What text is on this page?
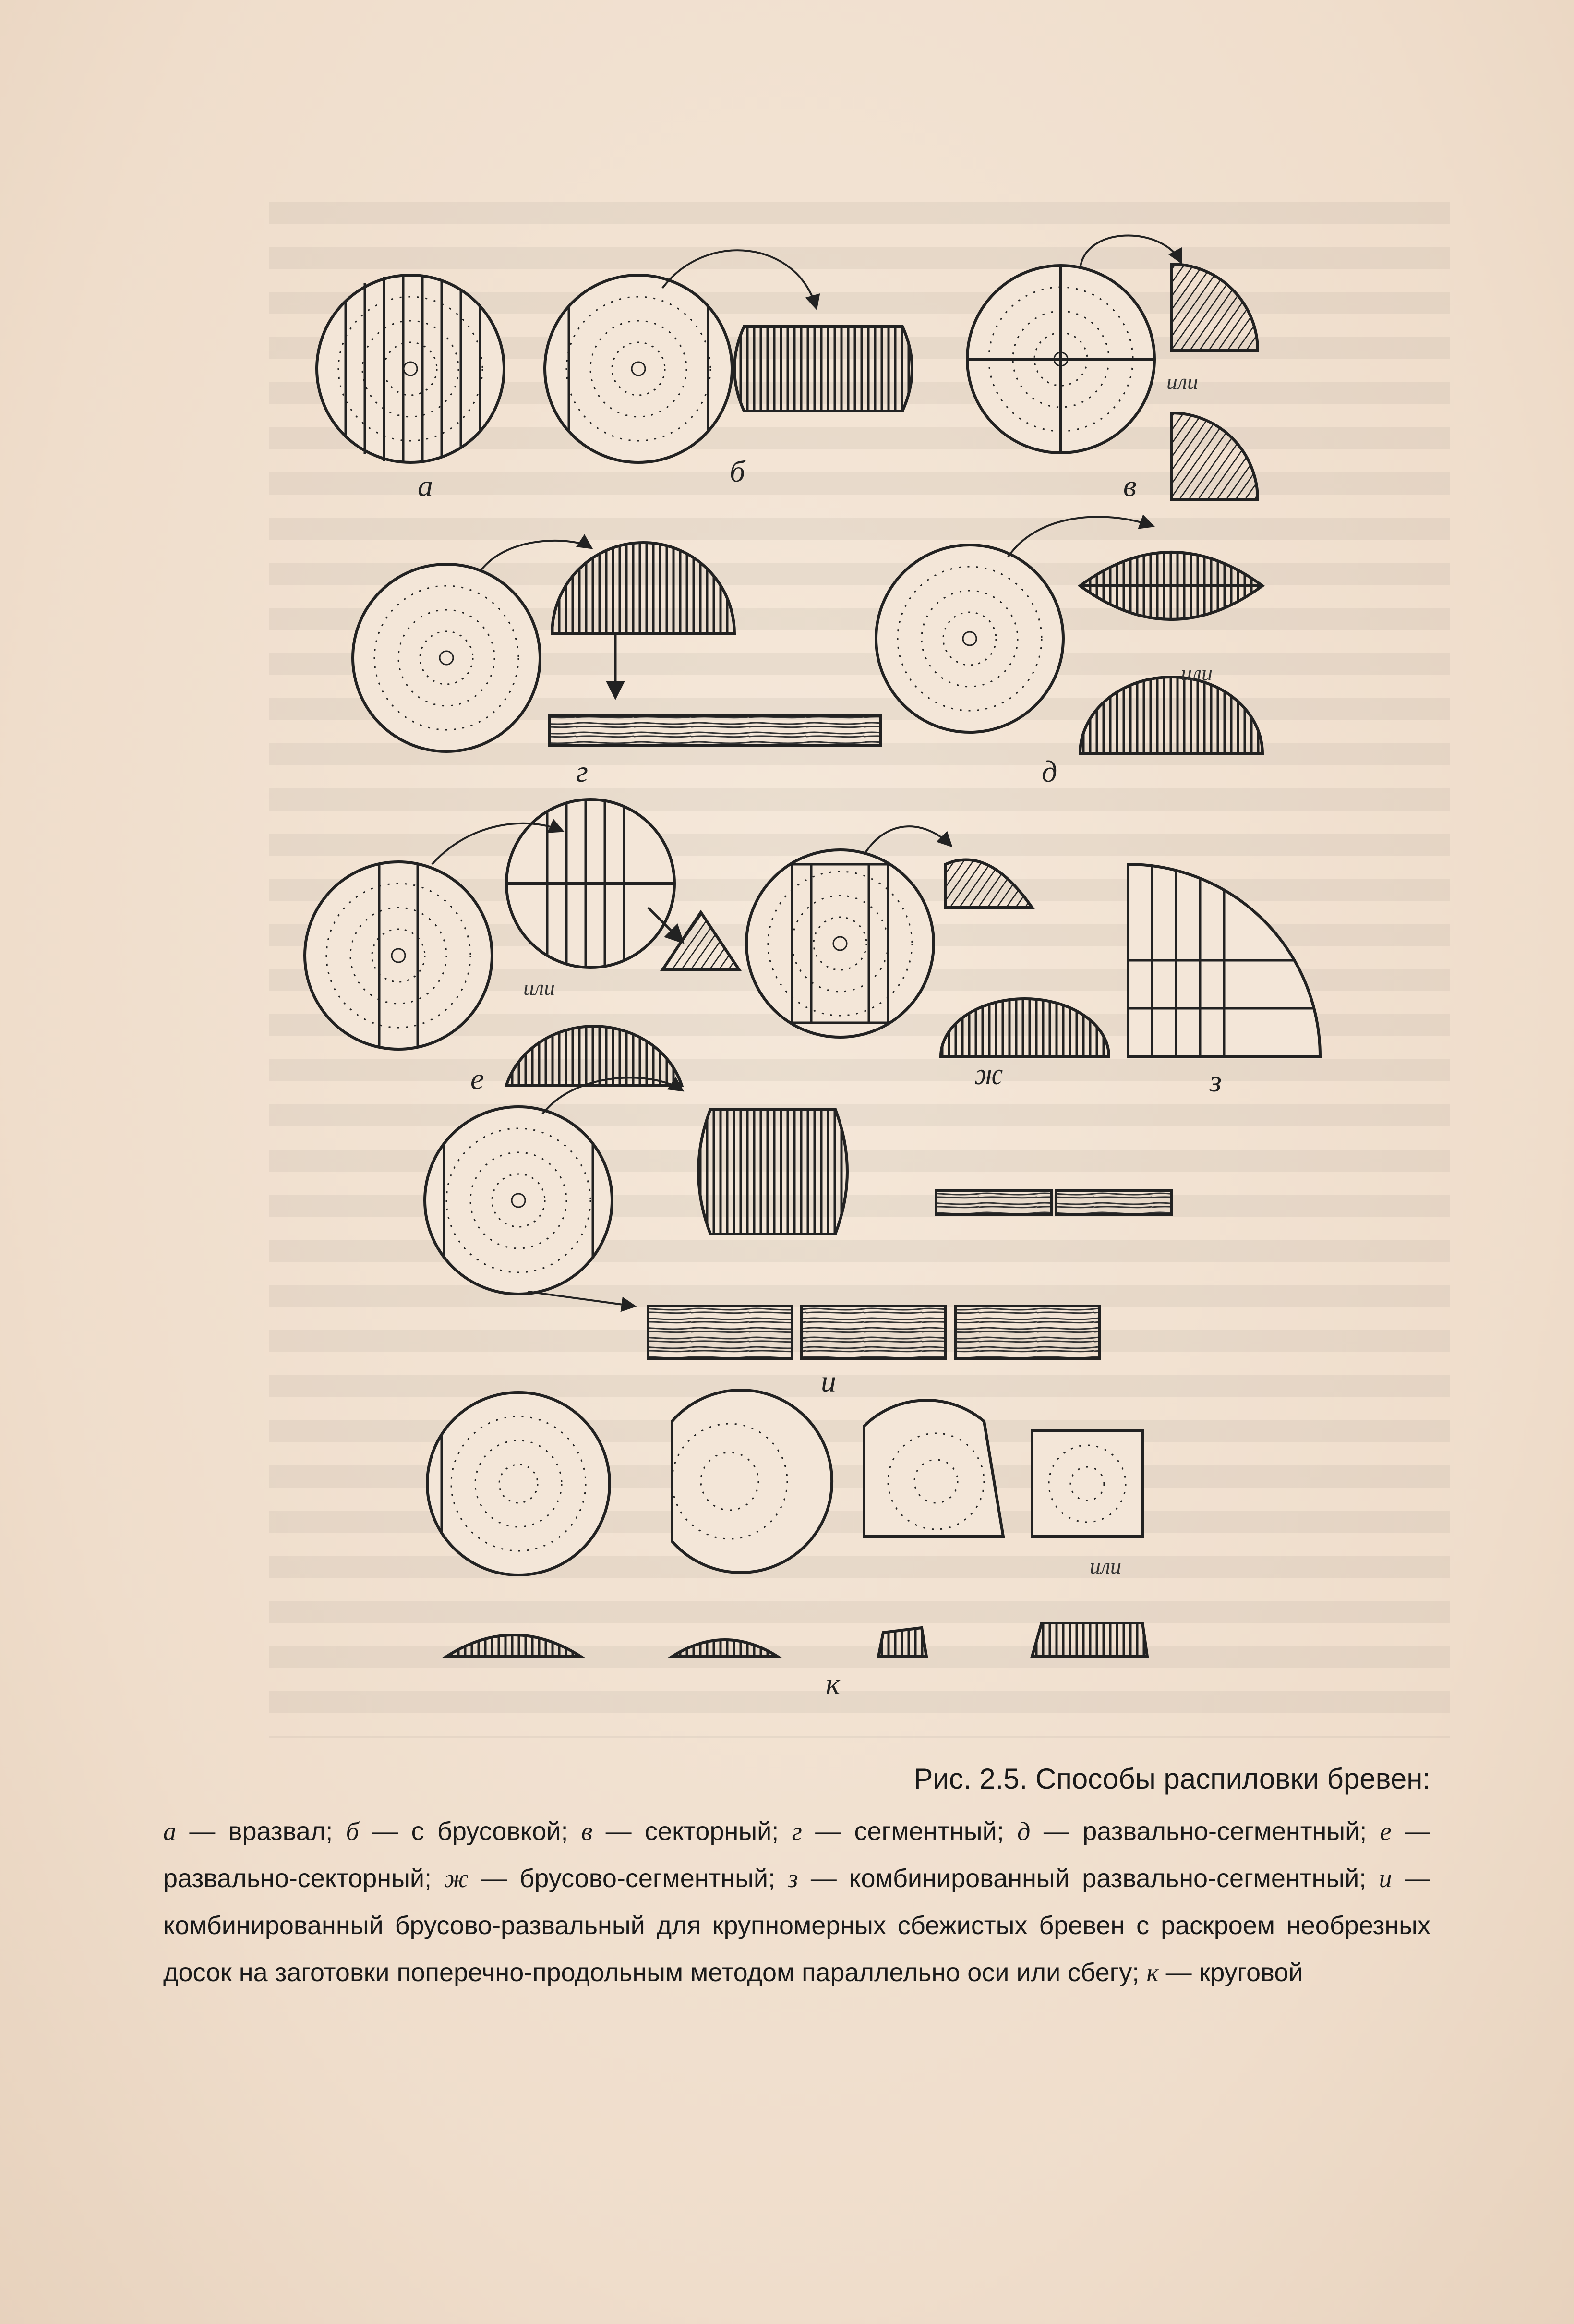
а	б	в
г	д
е	ж	з
и
к
или
или
или
или

Рис. 2.5. Способы распиловки бревен:

а — вразвал; б — с брусовкой; в — секторный; г — сегментный; д — развально-сегментный; е — развально-секторный; ж — брусово-сегментный; з — комбинированный развально-сегментный; и — комбинированный брусово-развальный для крупномерных сбежистых бревен с раскроем необрезных досок на заготовки поперечно-продольным методом параллельно оси или сбегу; к — круговой
